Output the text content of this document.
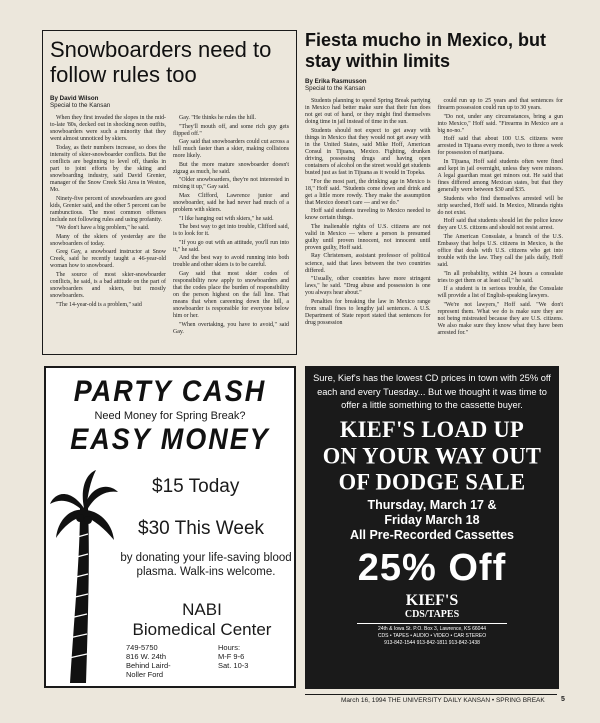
Snowboarders need to follow rules too
By David Wilson
Special to the Kansan

When they first invaded the slopes in the mid-to-late '80s, decked out in shocking neon outfits, snowboarders were such a minority that they went almost unnoticed by skiers.

Today, as their numbers increase, so does the intensity of skier-snowboarder conflicts. But the conflicts are beginning to level off, thanks in part to joint efforts by the skiing and snowboarding industry, said David Grenier, manager of the Snow Creek Ski Area in Weston, Mo.

Ninety-five percent of snowboarders are good kids, Grenier said, and the other 5 percent can be rambunctious. The most common offenses include not following rules and using profanity.

"We don't have a big problem," he said.

Many of the skiers of yesterday are the snowboarders of today.

Greg Gay, a snowboard instructor at Snow Creek, said he recently taught a 46-year-old woman how to snowboard.

The source of most skier-snowboarder conflicts, he said, is a bad attitude on the part of snowboarders and skiers, but mostly snowboarders.

"The 14-year-old is a problem," said

Gay. "He thinks he rules the hill.

"They'll mouth off, and some rich guy gets flipped off."

Gay said that snowboarders could cut across a hill much faster than a skier, making collisions more likely.

But the more mature snowboarder doesn't zigzag as much, he said.

"Older snowboarders, they're not interested in mixing it up," Gay said.

Max Clifford, Lawrence junior and snowboarder, said he had never had much of a problem with skiers.

"I like hanging out with skiers," he said.

The best way to get into trouble, Clifford said, is to look for it.

"If you go out with an attitude, you'll run into it," he said.

And the best way to avoid running into both trouble and other skiers is to be careful.

Gay said that most skier codes of responsibility now apply to snowboarders and that the codes place the burden of responsibility on the person highest on the fall line. That means that when careening down the hill, a snowboarder is responsible for everyone below him or her.

"When overtaking, you have to avoid," said Gay.

Fiesta mucho in Mexico, but stay within limits
By Erika Rasmusson
Special to the Kansan

Students planning to spend Spring Break partying in Mexico had better make sure that their fun does not get out of hand, or they might find themselves doing time in jail instead of time in the sun.

Students should not expect to get away with things in Mexico that they would not get away with in the United States, said Mike Hoff, American Consul in Tijuana, Mexico. Fighting, drunken driving, possessing drugs and having open containers of alcohol on the street would get students busted just as fast in Tijuana as it would in Topeka.

"For the most part, the drinking age in Mexico is 18," Hoff said. "Students come down and drink and get a little more rowdy. They make the assumption that Mexico doesn't care — and we do."

Hoff said students traveling to Mexico needed to know certain things.

The inalienable rights of U.S. citizens are not valid in Mexico — where a person is presumed guilty until proven innocent, not innocent until proven guilty, Hoff said.

Ray Christensen, assistant professor of political science, said that laws between the two countries differed.

"Usually, other countries have more stringent laws," he said. "Drug abuse and possession is one you always hear about."

Penalties for breaking the law in Mexico range from small fines to lengthy jail sentences. A U.S. Department of State report stated that sentences for drug possession

could run up to 25 years and that sentences for firearm possession could run up to 30 years.

"Do not, under any circumstances, bring a gun into Mexico," Hoff said. "Firearms in Mexico are a big no-no."

Hoff said that about 100 U.S. citizens were arrested in Tijuana every month, two to three a week for possession of marijuana.

In Tijuana, Hoff said students often were fined and kept in jail overnight, unless they were minors. A legal guardian must get minors out. He said that fines differed among Mexican states, but that they generally were between $30 and $35.

Students who find themselves arrested will be strip searched, Hoff said. In Mexico, Miranda rights do not exist.

Hoff said that students should let the police know they are U.S. citizens and should not resist arrest.

The American Consulate, a branch of the U.S. Embassy that helps U.S. citizens in Mexico, is the office that deals with U.S. citizens who get into trouble with the law. They call the jails daily, Hoff said.

"In all probability, within 24 hours a consulate tries to get them or at least call," he said.

If a student is in serious trouble, the Consulate will provide a list of English-speaking lawyers.

"We're not lawyers," Hoff said. "We don't represent them. What we do is make sure they are not being mistreated because they are U.S. citizens. We also make sure they know what they have been arrested for."

PARTY CASH
Need Money for Spring Break?
EASY MONEY
$15 Today
$30 This Week
by donating your life-saving blood plasma. Walk-ins welcome.
NABI
Biomedical Center
749-5750
816 W. 24th
Behind Laird-
Noller Ford
Hours:
M-F 9-6
Sat. 10-3
Sure, Kief's has the lowest CD prices in town with 25% off each and every Tuesday... But we thought it was time to offer a little something to the cassette buyer.
KIEF'S LOAD UP
ON YOUR WAY OUT
OF DODGE SALE
Thursday, March 17 &
Friday March 18
All Pre-Recorded Cassettes
25% Off
KIEF'S
CDS/TAPES
24th & Iowa St. P.O. Box 3, Lawrence, KS 66044
CDS • TAPES • AUDIO • VIDEO • CAR STEREO
913-842-1544 913-842-1811 913-842-1438
March 16, 1994 THE UNIVERSITY DAILY KANSAN • SPRING BREAK 5
